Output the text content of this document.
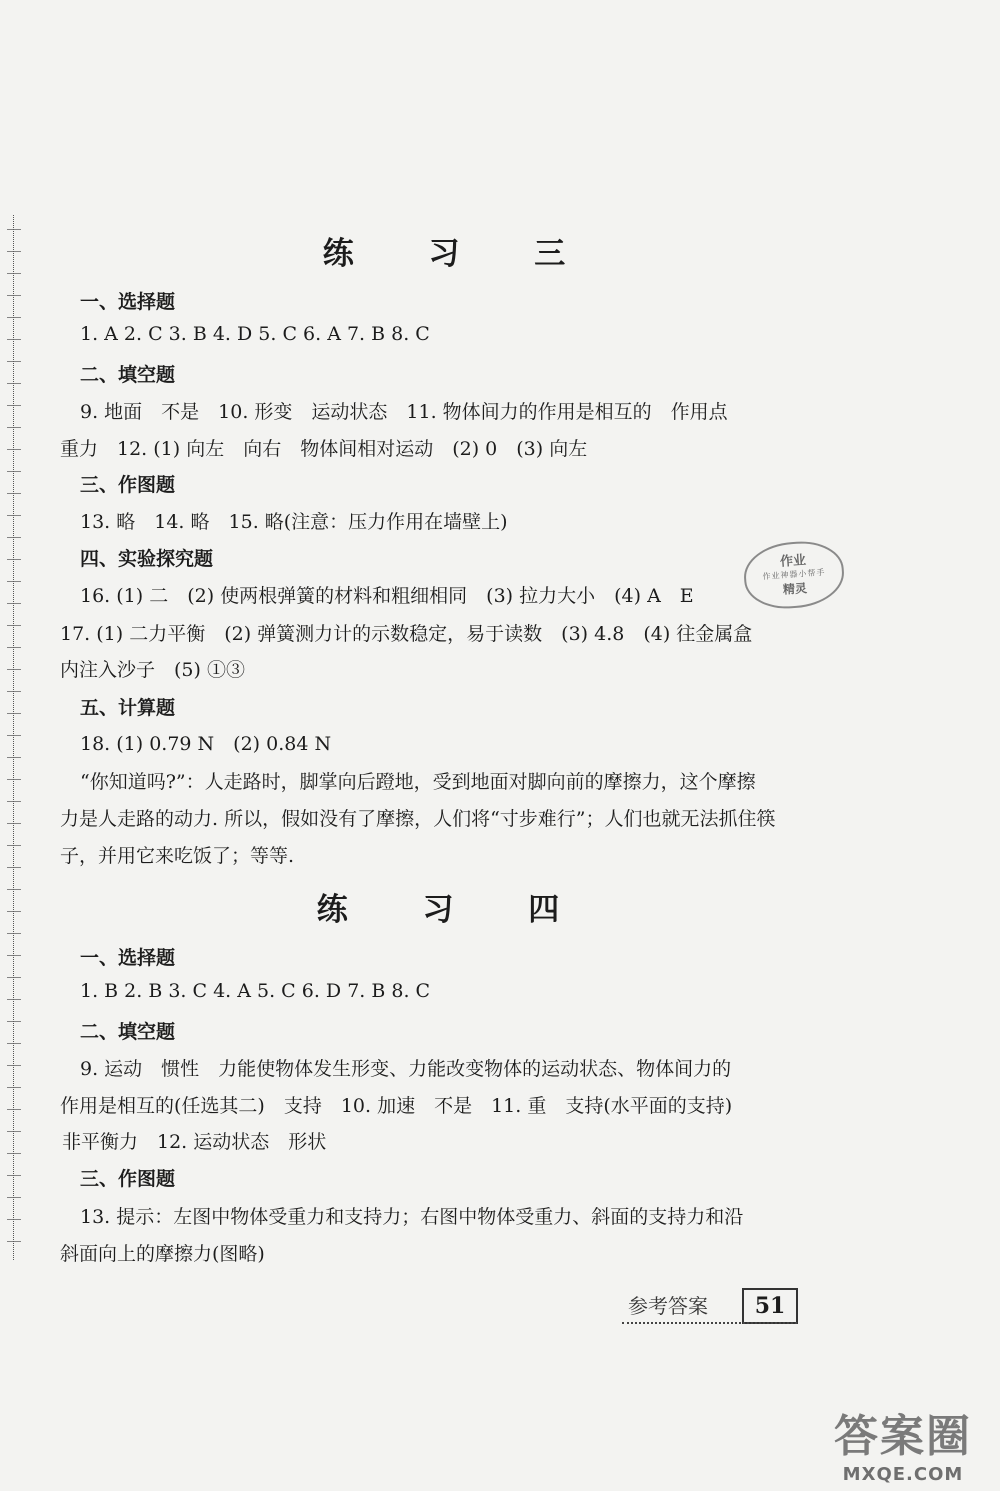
练 习 三
一、选择题
1. A 2. C 3. B 4. D 5. C 6. A 7. B 8. C
二、填空题
9. 地面　不是　10. 形变　运动状态　11. 物体间力的作用是相互的　作用点
重力　12. (1) 向左　向右　物体间相对运动　(2) 0　(3) 向左
三、作图题
13. 略　14. 略　15. 略(注意：压力作用在墙壁上)
四、实验探究题
16. (1) 二　(2) 使两根弹簧的材料和粗细相同　(3) 拉力大小　(4) A　E
17. (1) 二力平衡　(2) 弹簧测力计的示数稳定，易于读数　(3) 4.8　(4) 往金属盒
内注入沙子　(5) ①③
五、计算题
18. (1) 0.79 N　(2) 0.84 N
“你知道吗?”：人走路时，脚掌向后蹬地，受到地面对脚向前的摩擦力，这个摩擦
力是人走路的动力. 所以，假如没有了摩擦，人们将“寸步难行”；人们也就无法抓住筷
子，并用它来吃饭了；等等.
作业
作业神器小帮手
精灵
练 习 四
一、选择题
1. B 2. B 3. C 4. A 5. C 6. D 7. B 8. C
二、填空题
9. 运动　惯性　力能使物体发生形变、力能改变物体的运动状态、物体间力的
作用是相互的(任选其二)　支持　10. 加速　不是　11. 重　支持(水平面的支持)
非平衡力　12. 运动状态　形状
三、作图题
13. 提示：左图中物体受重力和支持力；右图中物体受重力、斜面的支持力和沿
斜面向上的摩擦力(图略)
参考答案	51
答案圈
MXQE.COM
